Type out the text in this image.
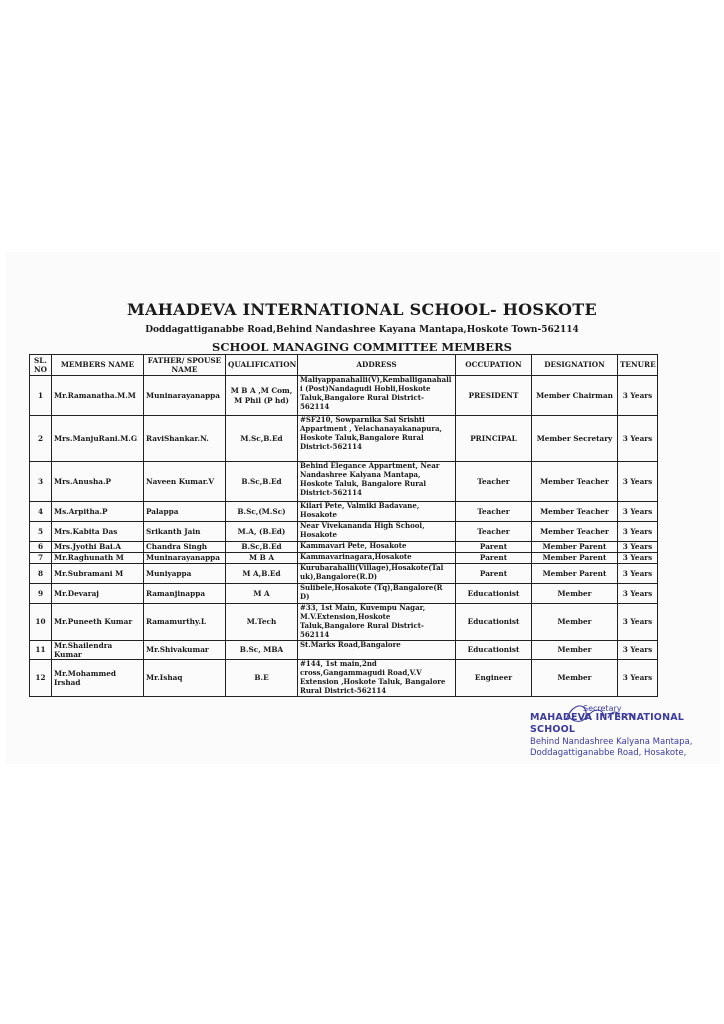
MAHADEVA INTERNATIONAL SCHOOL- HOSKOTE
Doddagattiganabbe Road,Behind Nandashree Kayana Mantapa,Hoskote Town-562114
SCHOOL MANAGING COMMITTEE MEMBERS
SL. NO	MEMBERS NAME	FATHER/ SPOUSE NAME	QUALIFICATION	ADDRESS	OCCUPATION	DESIGNATION	TENURE
1	Mr.Ramanatha.M.M	Muninarayanappa	M B A ,M Com, M Phil (P hd)	Maliyappanahalli(V),Kemballiganahall i (Post)Nandagudi Hobli,Hoskote Taluk,Bangalore Rural District-562114	PRESIDENT	Member Chairman	3 Years
2	Mrs.ManjuRani.M.G	RaviShankar.N.	M.Sc,B.Ed	#SF210, Sowparnika Sai Srishti Appartment , Yelachanayakanapura, Hoskote Taluk,Bangalore Rural District-562114	PRINCIPAL	Member Secretary	3 Years
3	Mrs.Anusha.P	Naveen Kumar.V	B.Sc,B.Ed	Behind Elegance Appartment, Near Nandashree Kalyana Mantapa, Hoskote Taluk, Bangalore Rural District-562114	Teacher	Member Teacher	3 Years
4	Ms.Arpitha.P	Palappa	B.Sc,(M.Sc)	Kilari Pete, Valmiki Badavane, Hosakote	Teacher	Member Teacher	3 Years
5	Mrs.Kabita Das	Srikanth Jain	M.A, (B.Ed)	Near Vivekananda High School, Hosakote	Teacher	Member Teacher	3 Years
6	Mrs.Jyothi Bai.A	Chandra Singh	B.Sc,B.Ed	Kammavari Pete, Hosakote	Parent	Member Parent	3 Years
7	Mr.Raghunath M	Muninarayanappa	M B A	Kammavarinagara,Hosakote	Parent	Member Parent	3 Years
8	Mr.Subramani M	Muniyappa	M A,B.Ed	Kurubarahalli(Village),Hosakote(Tal uk),Bangalore(R.D)	Parent	Member Parent	3 Years
9	Mr.Devaraj	Ramanjinappa	M A	Sulibele,Hosakote (Tq),Bangalore(R D)	Educationist	Member	3 Years
10	Mr.Puneeth Kumar	Ramamurthy.L	M.Tech	#33, 1st Main, Kuvempu Nagar, M.V.Extension,Hoskote Taluk,Bangalore Rural District-562114	Educationist	Member	3 Years
11	Mr.Shailendra Kumar	Mr.Shivakumar	B.Sc, MBA	St.Marks Road,Bangalore	Educationist	Member	3 Years
12	Mr.Mohammed Irshad	Mr.Ishaq	B.E	#144, 1st main,2nd cross,Gangammagudi Road,V.V Extension ,Hoskote Taluk, Bangalore Rural District-562114	Engineer	Member	3 Years
Secretary
MAHADEVA INTERNATIONAL SCHOOL
Behind Nandashree Kalyana Mantapa,
Doddagattiganabbe Road, Hosakote,
